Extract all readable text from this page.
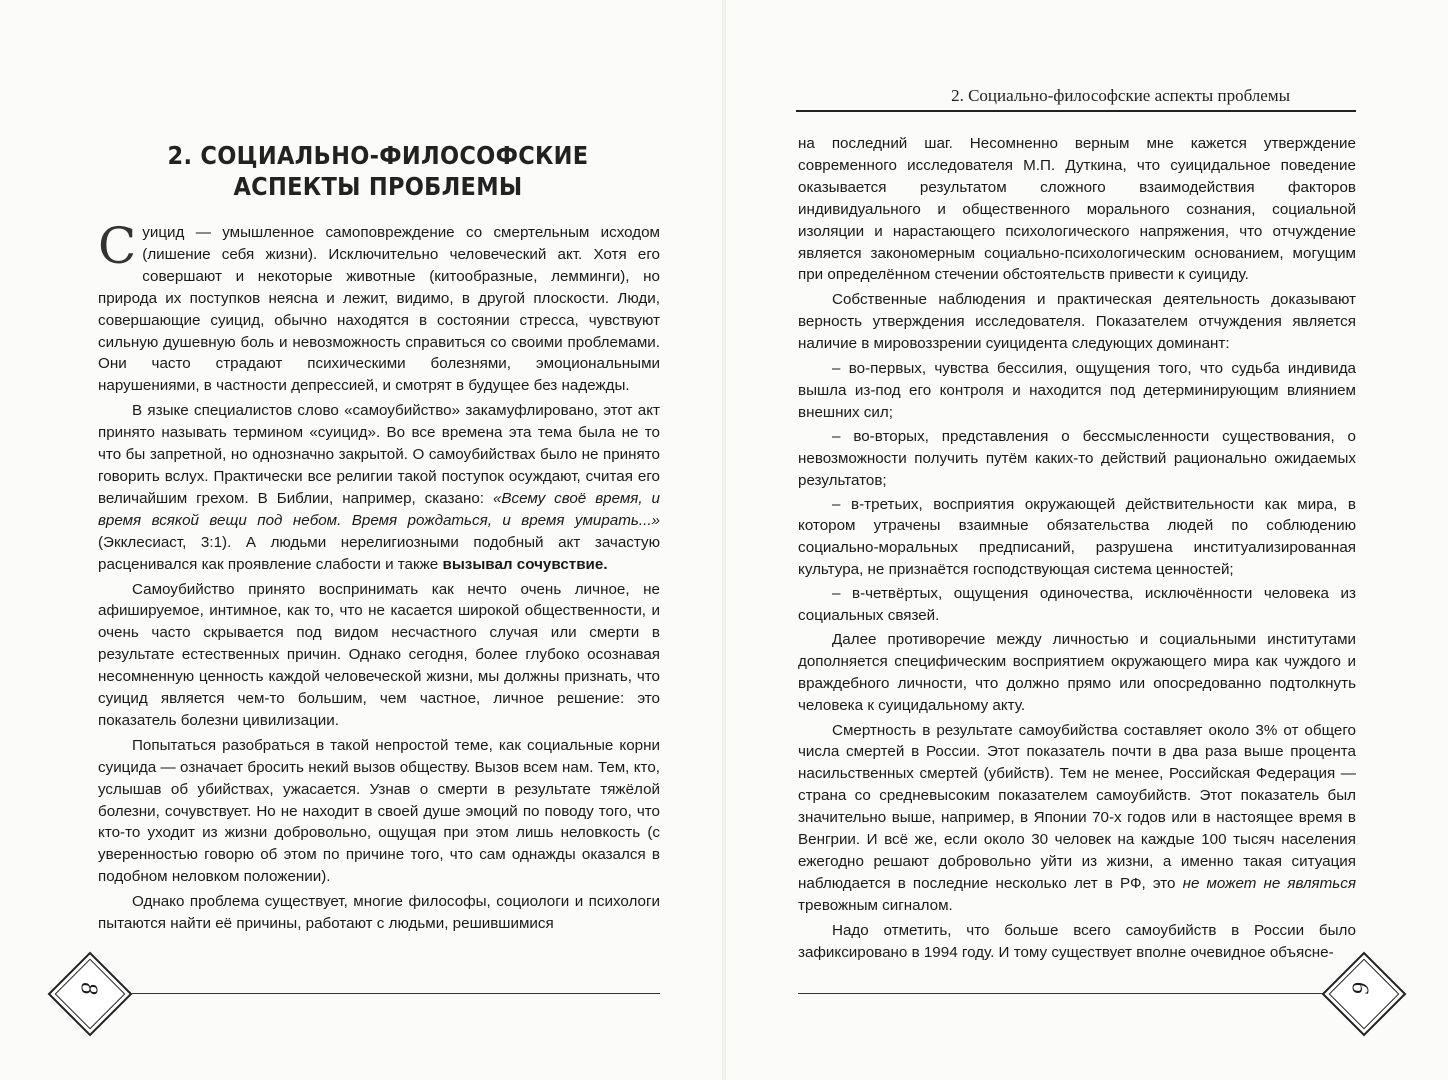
2. СОЦИАЛЬНО-ФИЛОСОФСКИЕ
АСПЕКТЫ ПРОБЛЕМЫ

Суицид — умышленное самоповреждение со смертельным исходом (лишение себя жизни). Исключительно человеческий акт. Хотя его совершают и некоторые животные (китообразные, лемминги), но природа их поступков неясна и лежит, видимо, в другой плоскости. Люди, совершающие суицид, обычно находятся в состоянии стресса, чувствуют сильную душевную боль и невозможность справиться со своими проблемами. Они часто страдают психическими болезнями, эмоциональными нарушениями, в частности депрессией, и смотрят в будущее без надежды.

В языке специалистов слово «самоубийство» закамуфлировано, этот акт принято называть термином «суицид». Во все времена эта тема была не то что бы запретной, но однозначно закрытой. О самоубийствах было не принято говорить вслух. Практически все религии такой поступок осуждают, считая его величайшим грехом. В Библии, например, сказано: «Всему своё время, и время всякой вещи под небом. Время рождаться, и время умирать...» (Экклесиаст, 3:1). А людьми нерелигиозными подобный акт зачастую расценивался как проявление слабости и также вызывал сочувствие.

Самоубийство принято воспринимать как нечто очень личное, не афишируемое, интимное, как то, что не касается широкой общественности, и очень часто скрывается под видом несчастного случая или смерти в результате естественных причин. Однако сегодня, более глубоко осознавая несомненную ценность каждой человеческой жизни, мы должны признать, что суицид является чем-то большим, чем частное, личное решение: это показатель болезни цивилизации.

Попытаться разобраться в такой непростой теме, как социальные корни суицида — означает бросить некий вызов обществу. Вызов всем нам. Тем, кто, услышав об убийствах, ужасается. Узнав о смерти в результате тяжёлой болезни, сочувствует. Но не находит в своей душе эмоций по поводу того, что кто-то уходит из жизни добровольно, ощущая при этом лишь неловкость (с уверенностью говорю об этом по причине того, что сам однажды оказался в подобном неловком положении).

Однако проблема существует, многие философы, социологи и психологи пытаются найти её причины, работают с людьми, решившимися

8
2. Социально-философские аспекты проблемы

на последний шаг. Несомненно верным мне кажется утверждение современного исследователя М.П. Дуткина, что суицидальное поведение оказывается результатом сложного взаимодействия факторов индивидуального и общественного морального сознания, социальной изоляции и нарастающего психологического напряжения, что отчуждение является закономерным социально-психологическим основанием, могущим при определённом стечении обстоятельств привести к суициду.

Собственные наблюдения и практическая деятельность доказывают верность утверждения исследователя. Показателем отчуждения является наличие в мировоззрении суицидента следующих доминант:

– во-первых, чувства бессилия, ощущения того, что судьба индивида вышла из-под его контроля и находится под детерминирующим влиянием внешних сил;

– во-вторых, представления о бессмысленности существования, о невозможности получить путём каких-то действий рационально ожидаемых результатов;

– в-третьих, восприятия окружающей действительности как мира, в котором утрачены взаимные обязательства людей по соблюдению социально-моральных предписаний, разрушена институализированная культура, не признаётся господствующая система ценностей;

– в-четвёртых, ощущения одиночества, исключённости человека из социальных связей.

Далее противоречие между личностью и социальными институтами дополняется специфическим восприятием окружающего мира как чуждого и враждебного личности, что должно прямо или опосредованно подтолкнуть человека к суицидальному акту.

Смертность в результате самоубийства составляет около 3% от общего числа смертей в России. Этот показатель почти в два раза выше процента насильственных смертей (убийств). Тем не менее, Российская Федерация — страна со средневысоким показателем самоубийств. Этот показатель был значительно выше, например, в Японии 70-х годов или в настоящее время в Венгрии. И всё же, если около 30 человек на каждые 100 тысяч населения ежегодно решают добровольно уйти из жизни, а именно такая ситуация наблюдается в последние несколько лет в РФ, это не может не являться тревожным сигналом.

Надо отметить, что больше всего самоубийств в России было зафиксировано в 1994 году. И тому существует вполне очевидное объясне-

9
